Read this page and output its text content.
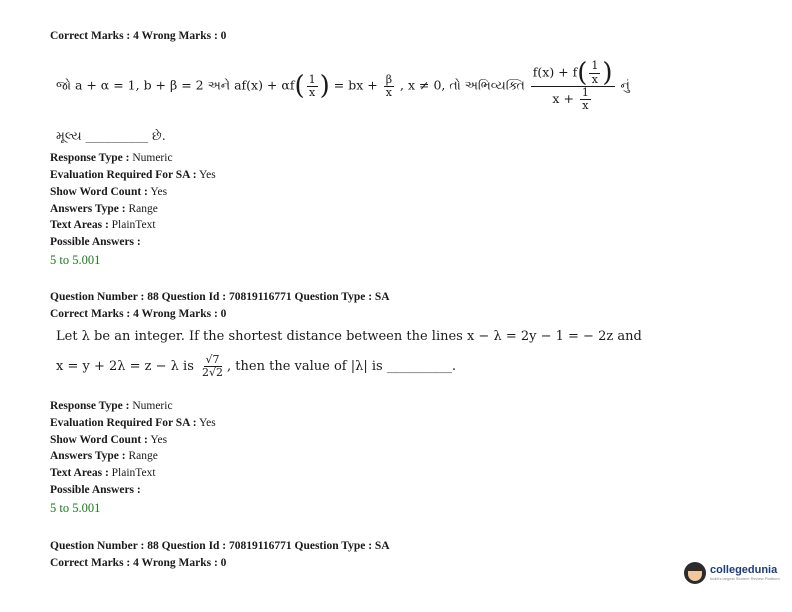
Correct Marks : 4 Wrong Marks : 0
જો a + α = 1, b + β = 2 અને $af(x) + \alpha f( \frac{1}{x}$ ) = bx + $\frac{\beta}{x}$ , x ≠ 0, તો અભિવ્યક્તિ $\frac{f(x) + f( \frac{1}{x} )}{x + \frac{1}{x}}$ નું
મૂલ્ય __________ છે.
Response Type : Numeric
Evaluation Required For SA : Yes
Show Word Count : Yes
Answers Type : Range
Text Areas : PlainText
Possible Answers :
5 to 5.001
Question Number : 88 Question Id : 70819116771 Question Type : SA
Correct Marks : 4 Wrong Marks : 0
Let λ be an integer. If the shortest distance between the lines x − λ = 2y − 1 = − 2z and
x = y + 2λ = z − λ is $\frac{√7}{2√2}$ , then the value of |λ| is __________.
Response Type : Numeric
Evaluation Required For SA : Yes
Show Word Count : Yes
Answers Type : Range
Text Areas : PlainText
Possible Answers :
5 to 5.001
Question Number : 88 Question Id : 70819116771 Question Type : SA
Correct Marks : 4 Wrong Marks : 0
collegedunia
India's largest Student Review Platform
